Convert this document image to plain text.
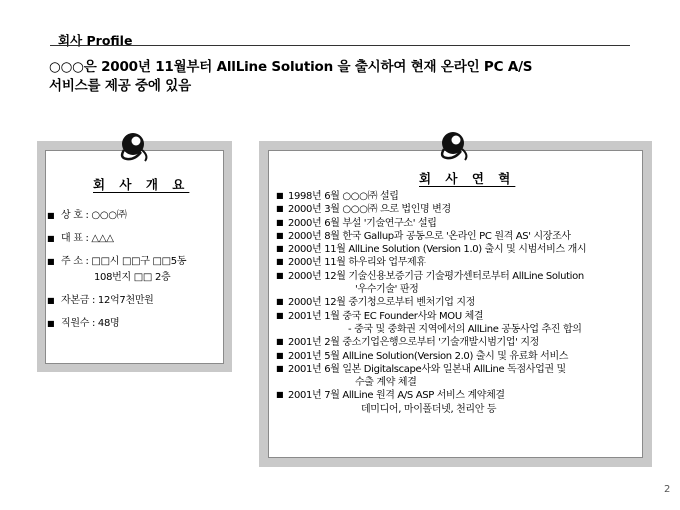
회사 Profile
○○○은 2000년 11월부터 AllLine Solution 을 출시하여 현재 온라인 PC A/S
서비스를 제공 중에 있음
회 사 개 요
■ 상 호 : ○○○㈜
■ 대 표 : △△△
■ 주 소 : □□시 □□구 □□5동
108번지 □□ 2층
■ 자본금 : 12억7천만원
■ 직원수 : 48명
회 사 연 혁
■ 1998년 6월 ○○○㈜ 설립
■ 2000년 3월 ○○○㈜ 으로 법인명 변경
■ 2000년 6월 부설 '기술연구소' 설립
■ 2000년 8월 한국 Gallup과 공동으로 '온라인 PC 원격 AS' 시장조사
■ 2000년 11월 AllLine Solution (Version 1.0) 출시 및 시범서비스 개시
■ 2000년 11월 하우리와 업무제휴
■ 2000년 12월 기술신용보증기금 기술평가센터로부터 AllLine Solution
'우수기술' 판정
■ 2000년 12월 중기청으로부터 벤처기업 지정
■ 2001년 1월 중국 EC Founder사와 MOU 체결
- 중국 및 중화권 지역에서의 AllLine 공동사업 추진 합의
■ 2001년 2월 중소기업은행으로부터 '기술개발시범기업' 지정
■ 2001년 5월 AllLine Solution(Version 2.0) 출시 및 유료화 서비스
■ 2001년 6월 일본 Digitalscape사와 일본내 AllLine 독점사업권 및
수출 계약 체결
■ 2001년 7월 AllLine 원격 A/S ASP 서비스 계약체결
데미디어, 마이폴더넷, 천리안 등
2
